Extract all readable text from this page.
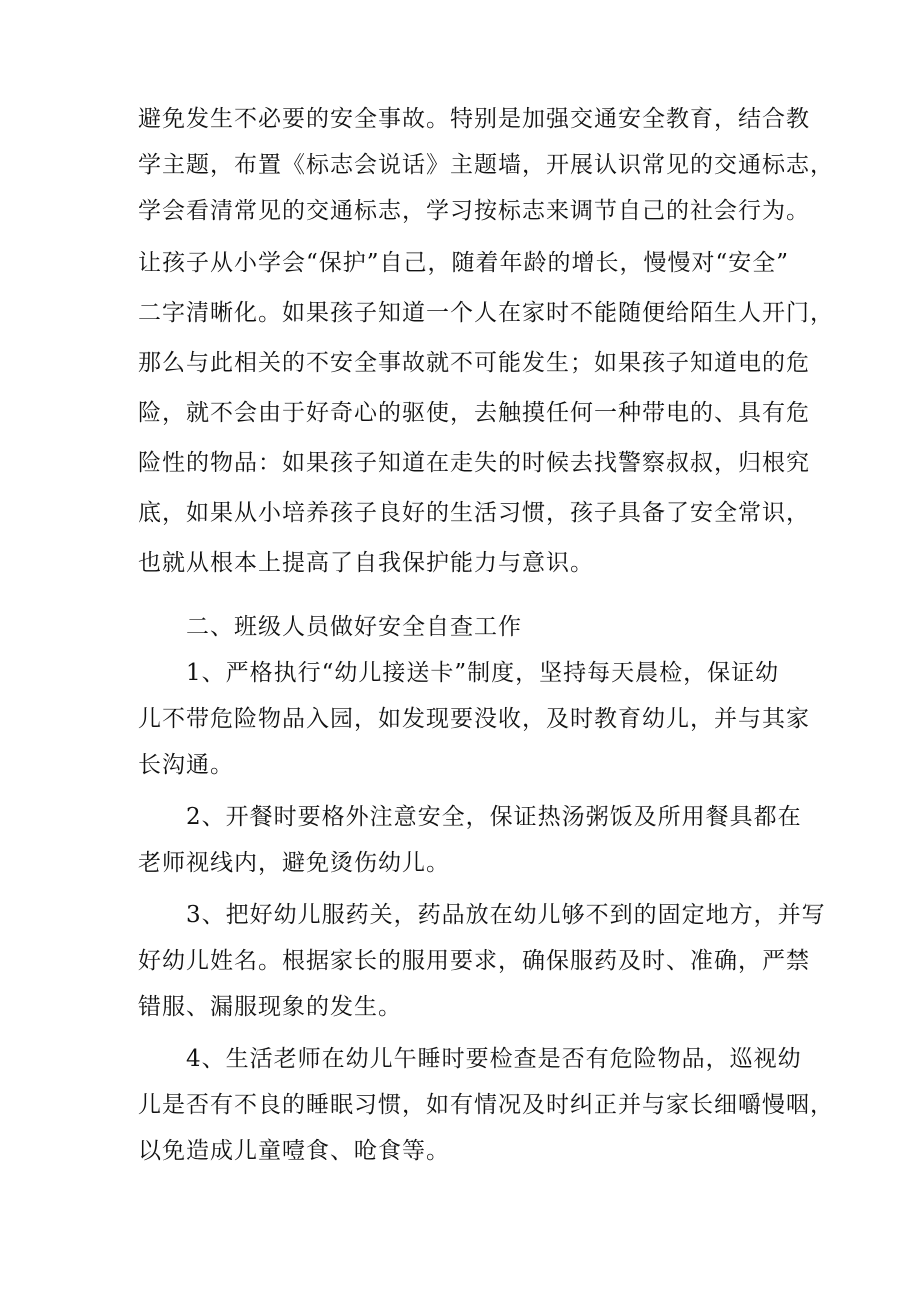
避免发生不必要的安全事故。特别是加强交通安全教育，结合教
学主题，布置《标志会说话》主题墙，开展认识常见的交通标志，
学会看清常见的交通标志，学习按标志来调节自己的社会行为。
让孩子从小学会“保护”自己，随着年龄的增长，慢慢对“安全”
二字清晰化。如果孩子知道一个人在家时不能随便给陌生人开门，
那么与此相关的不安全事故就不可能发生；如果孩子知道电的危
险，就不会由于好奇心的驱使，去触摸任何一种带电的、具有危
险性的物品：如果孩子知道在走失的时候去找警察叔叔，归根究
底，如果从小培养孩子良好的生活习惯，孩子具备了安全常识，
也就从根本上提高了自我保护能力与意识。
二、班级人员做好安全自查工作
1、严格执行“幼儿接送卡”制度，坚持每天晨检，保证幼
儿不带危险物品入园，如发现要没收，及时教育幼儿，并与其家
长沟通。
2、开餐时要格外注意安全，保证热汤粥饭及所用餐具都在
老师视线内，避免烫伤幼儿。
3、把好幼儿服药关，药品放在幼儿够不到的固定地方，并写
好幼儿姓名。根据家长的服用要求，确保服药及时、准确，严禁
错服、漏服现象的发生。
4、生活老师在幼儿午睡时要检查是否有危险物品，巡视幼
儿是否有不良的睡眠习惯，如有情况及时纠正并与家长细嚼慢咽，
以免造成儿童噎食、呛食等。
